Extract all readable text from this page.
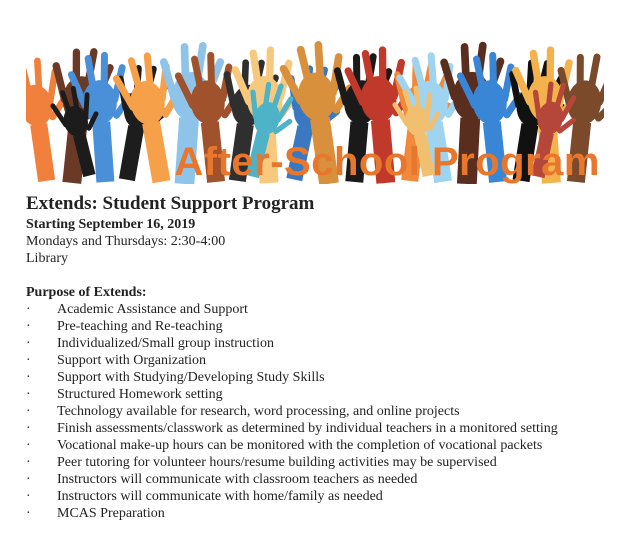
After-School Program

Extends: Student Support Program

Starting September 16, 2019

Mondays and Thursdays: 2:30-4:00

Library

Purpose of Extends:

· Academic Assistance and Support
· Pre-teaching and Re-teaching
· Individualized/Small group instruction
· Support with Organization
· Support with Studying/Developing Study Skills
· Structured Homework setting
· Technology available for research, word processing, and online projects
· Finish assessments/classwork as determined by individual teachers in a monitored setting
· Vocational make-up hours can be monitored with the completion of vocational packets
· Peer tutoring for volunteer hours/resume building activities may be supervised
· Instructors will communicate with classroom teachers as needed
· Instructors will communicate with home/family as needed
· MCAS Preparation
